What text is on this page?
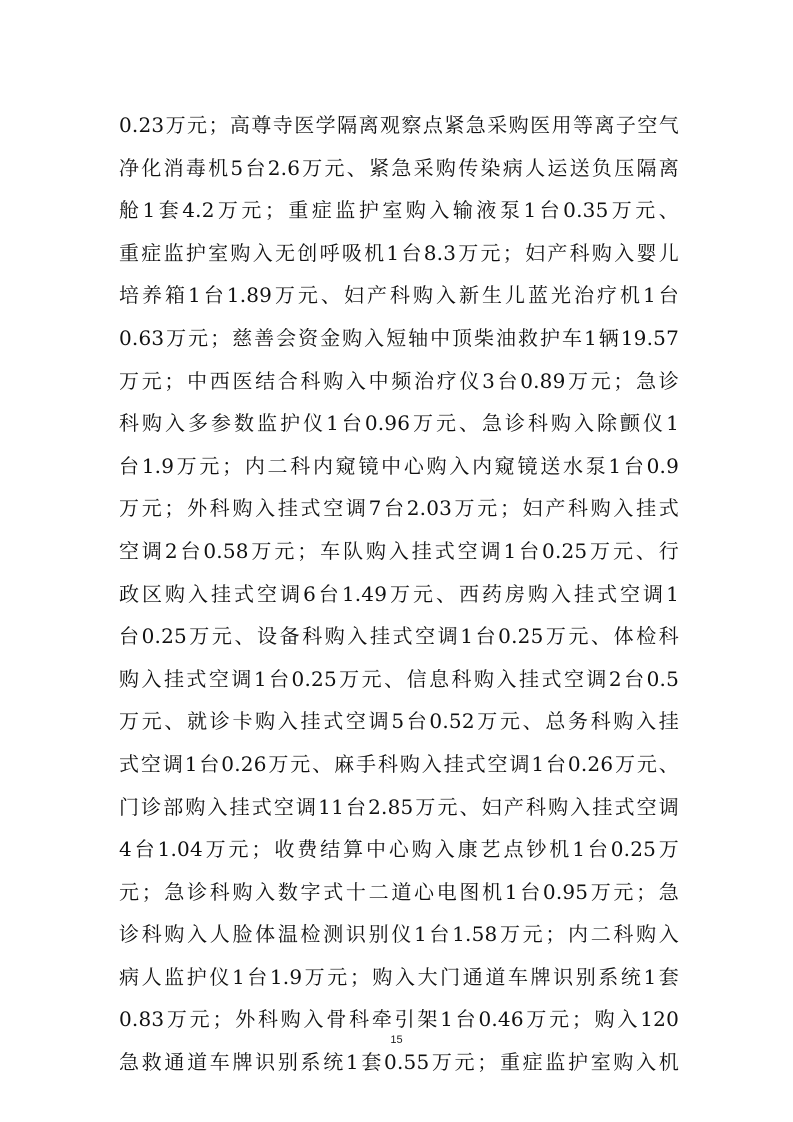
0.23万元；高尊寺医学隔离观察点紧急采购医用等离子空气
净化消毒机5台2.6万元、紧急采购传染病人运送负压隔离
舱1套4.2万元；重症监护室购入输液泵1台0.35万元、
重症监护室购入无创呼吸机1台8.3万元；妇产科购入婴儿
培养箱1台1.89万元、妇产科购入新生儿蓝光治疗机1台
0.63万元；慈善会资金购入短轴中顶柴油救护车1辆19.57
万元；中西医结合科购入中频治疗仪3台0.89万元；急诊
科购入多参数监护仪1台0.96万元、急诊科购入除颤仪1
台1.9万元；内二科内窥镜中心购入内窥镜送水泵1台0.9
万元；外科购入挂式空调7台2.03万元；妇产科购入挂式
空调2台0.58万元；车队购入挂式空调1台0.25万元、行
政区购入挂式空调6台1.49万元、西药房购入挂式空调1
台0.25万元、设备科购入挂式空调1台0.25万元、体检科
购入挂式空调1台0.25万元、信息科购入挂式空调2台0.5
万元、就诊卡购入挂式空调5台0.52万元、总务科购入挂
式空调1台0.26万元、麻手科购入挂式空调1台0.26万元、
门诊部购入挂式空调11台2.85万元、妇产科购入挂式空调
4台1.04万元；收费结算中心购入康艺点钞机1台0.25万
元；急诊科购入数字式十二道心电图机1台0.95万元；急
诊科购入人脸体温检测识别仪1台1.58万元；内二科购入
病人监护仪1台1.9万元；购入大门通道车牌识别系统1套
0.83万元；外科购入骨科牵引架1台0.46万元；购入120
急救通道车牌识别系统1套0.55万元；重症监护室购入机
15
